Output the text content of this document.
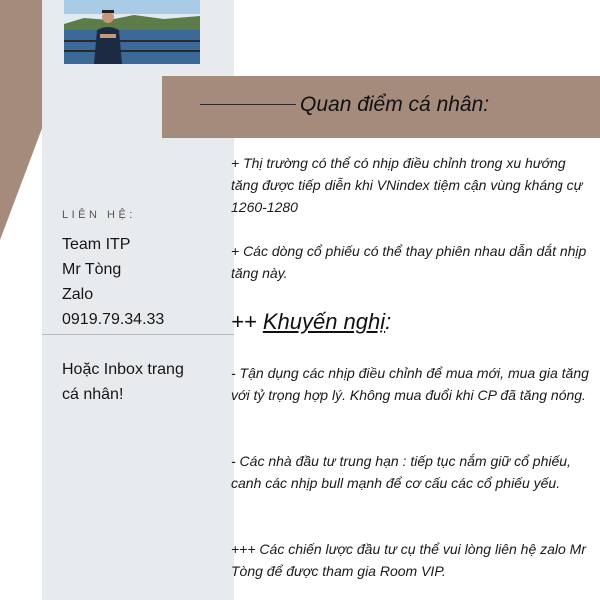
Quan điểm cá nhân:
LIÊN HỆ:
Team ITP
Mr Tòng
Zalo
0919.79.34.33
Hoặc Inbox trang
cá nhân!
+ Thị trường có thể có nhịp điều chỉnh trong xu hướng tăng được tiếp diễn khi VNindex tiệm cận vùng kháng cự 1260-1280
+ Các dòng cổ phiếu có thể thay phiên nhau dẫn dắt nhịp tăng này.
++ Khuyến nghị:
- Tận dụng các nhịp điều chỉnh để mua mới, mua gia tăng với tỷ trọng hợp lý. Không mua đuổi khi CP đã tăng nóng.
- Các nhà đầu tư trung hạn : tiếp tục nắm giữ cổ phiếu, canh các nhịp bull mạnh để cơ cấu các cổ phiếu yếu.
+++ Các chiến lược đầu tư cụ thể vui lòng liên hệ zalo Mr Tòng để được tham gia Room VIP.
